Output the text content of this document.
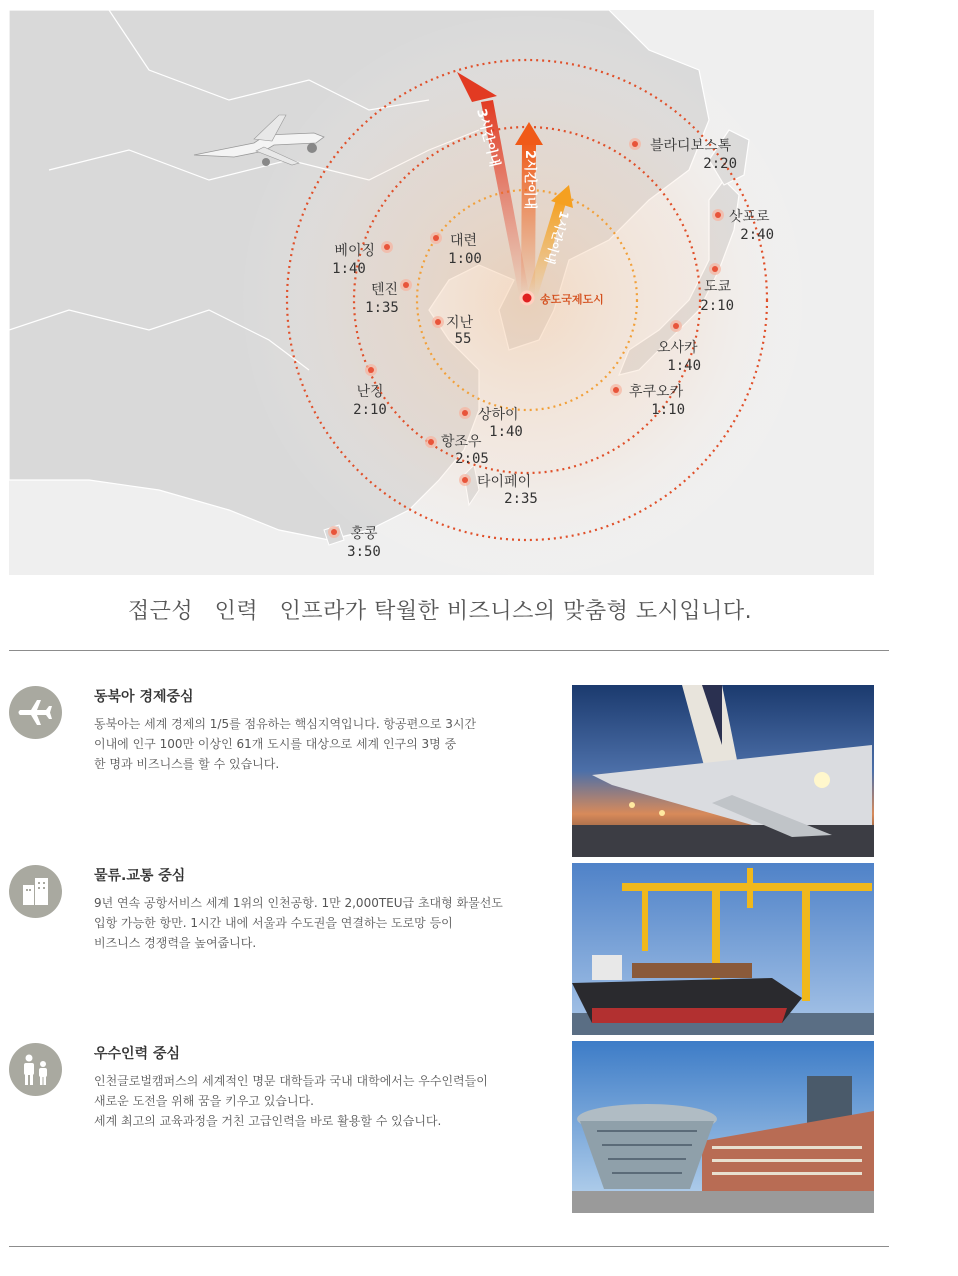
3시간이내
2시간이내
1시간이내
송도국제도시
블라디보스톡
2:20
삿포로
2:40
도쿄
2:10
오사카
1:40
후쿠오카
1:10
베이징
1:40
대련
1:00
텐진
1:35
지난
55
난징
2:10	상하이
1:40
항조우
2:05
타이페이
2:35
홍콩
3:50
접근성 인력 인프라가 탁월한 비즈니스의 맞춤형 도시입니다.
동북아 경제중심
동북아는 세계 경제의 1/5를 점유하는 핵심지역입니다. 항공편으로 3시간
이내에 인구 100만 이상인 61개 도시를 대상으로 세계 인구의 3명 중
한 명과 비즈니스를 할 수 있습니다.
물류.교통 중심
9년 연속 공항서비스 세계 1위의 인천공항. 1만 2,000TEU급 초대형 화물선도
입항 가능한 항만. 1시간 내에 서울과 수도권을 연결하는 도로망 등이
비즈니스 경쟁력을 높여줍니다.
우수인력 중심
인천글로벌캠퍼스의 세계적인 명문 대학들과 국내 대학에서는 우수인력들이
새로운 도전을 위해 꿈을 키우고 있습니다.
세계 최고의 교육과정을 거친 고급인력을 바로 활용할 수 있습니다.
